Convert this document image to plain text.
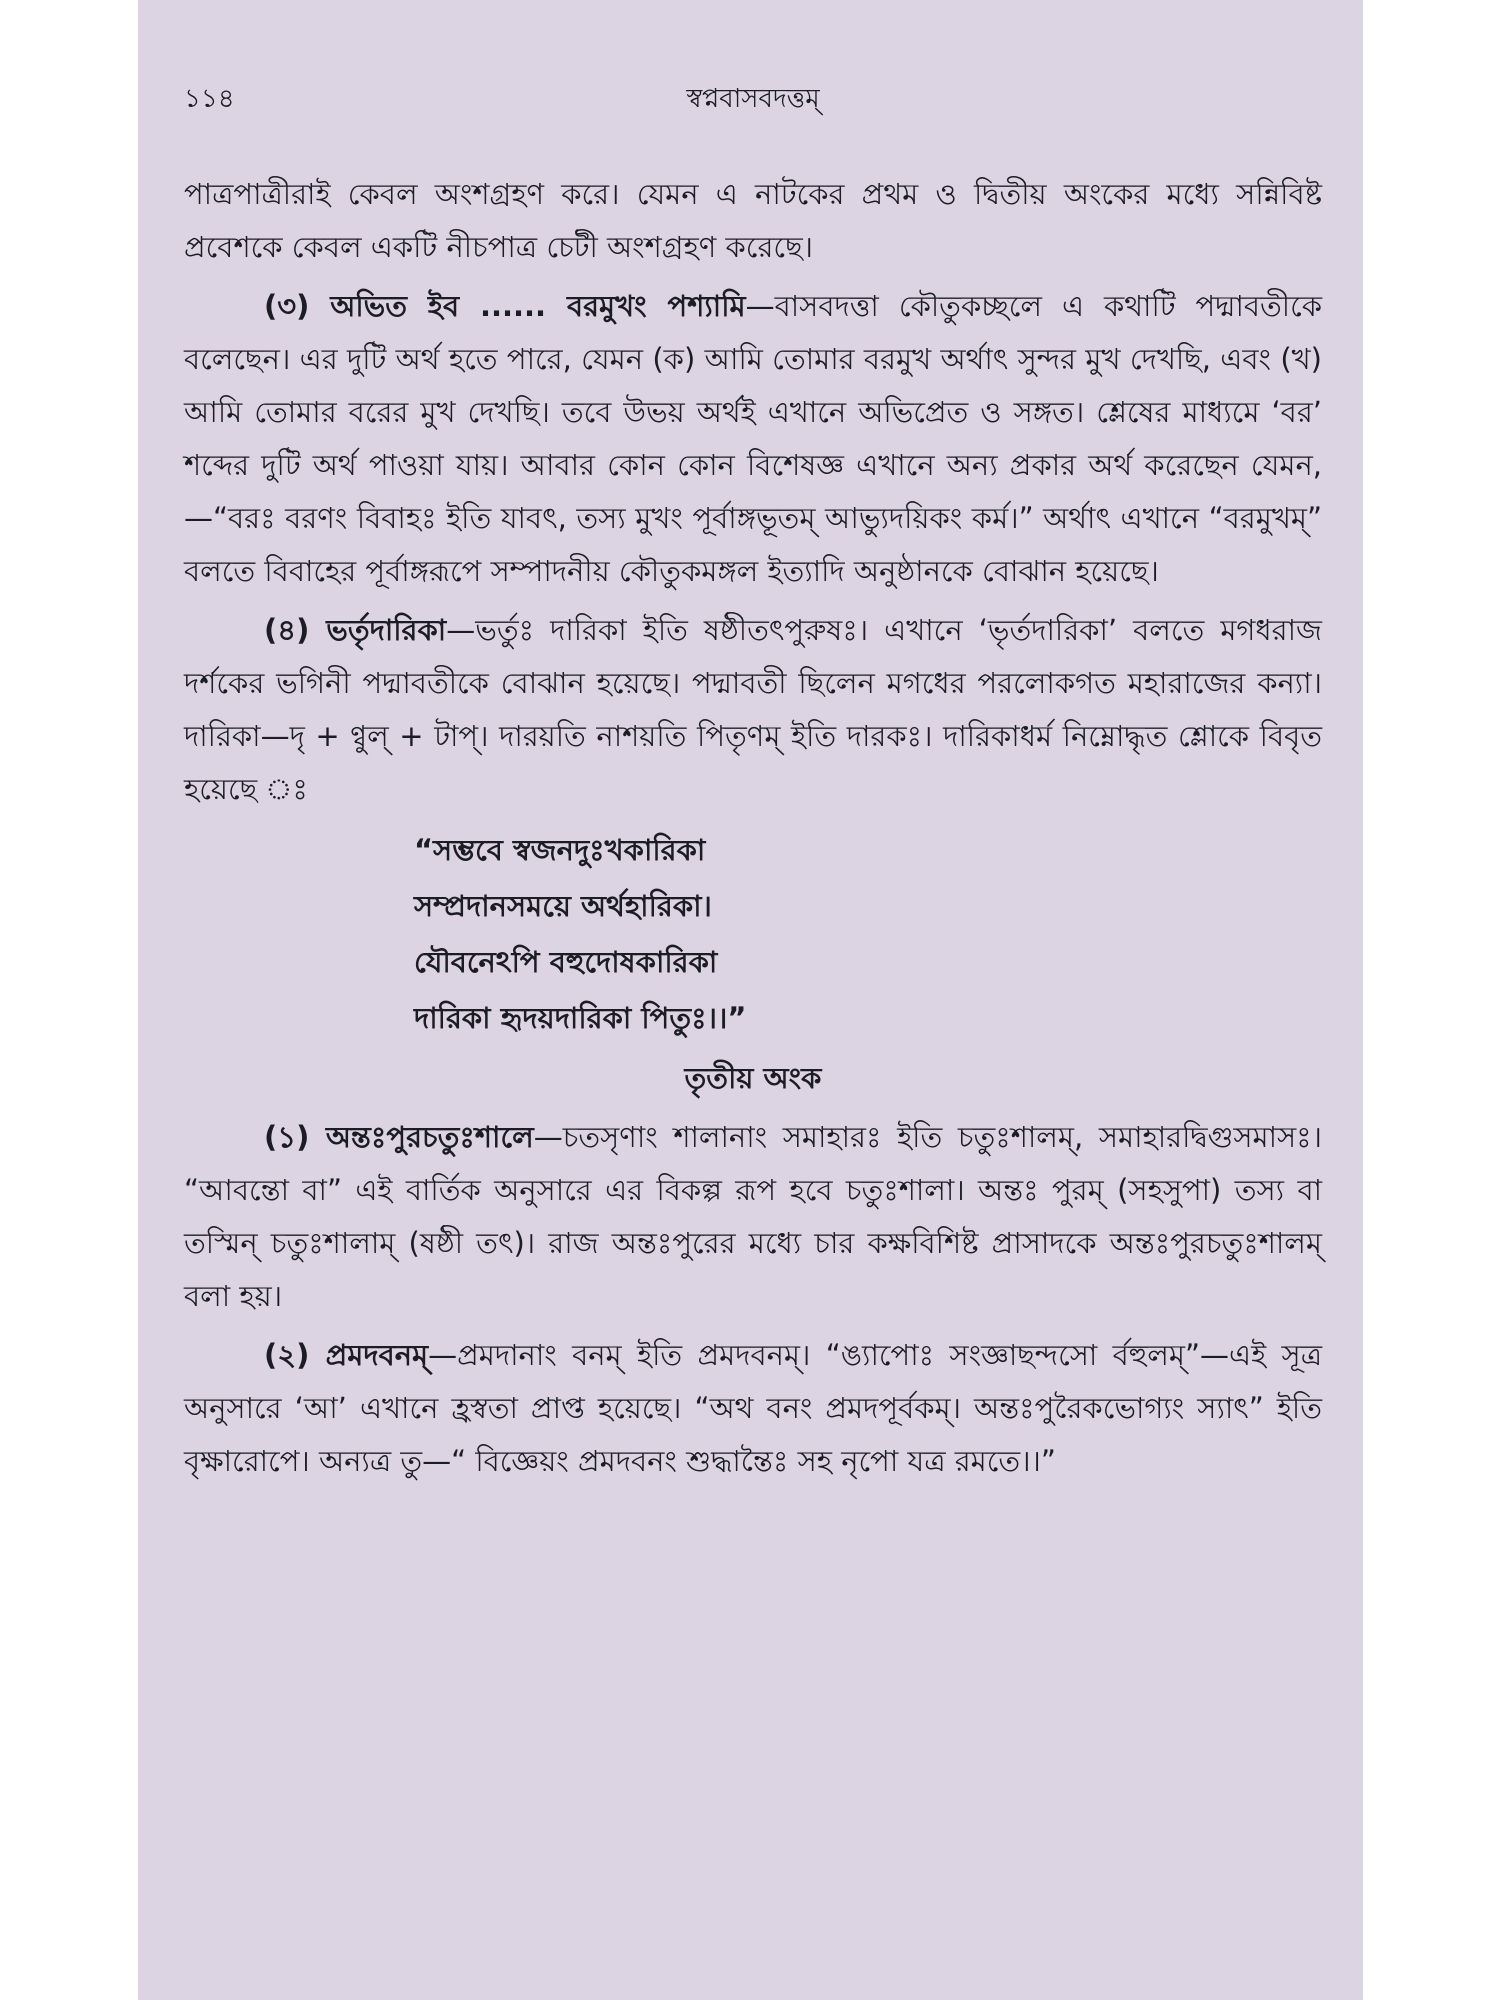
১১৪	স্বপ্নবাসবদত্তম্

পাত্রপাত্রীরাই কেবল অংশগ্রহণ করে। যেমন এ নাটকের প্রথম ও দ্বিতীয় অংকের মধ্যে সন্নিবিষ্ট প্রবেশকে কেবল একটি নীচপাত্র চেটী অংশগ্রহণ করেছে।

(৩) অভিত ইব ...... বরমুখং পশ্যামি—বাসবদত্তা কৌতুকচ্ছলে এ কথাটি পদ্মাবতীকে বলেছেন। এর দুটি অর্থ হতে পারে, যেমন (ক) আমি তোমার বরমুখ অর্থাৎ সুন্দর মুখ দেখছি, এবং (খ) আমি তোমার বরের মুখ দেখছি। তবে উভয় অর্থই এখানে অভিপ্রেত ও সঙ্গত। শ্লেষের মাধ্যমে ‘বর’ শব্দের দুটি অর্থ পাওয়া যায়। আবার কোন কোন বিশেষজ্ঞ এখানে অন্য প্রকার অর্থ করেছেন যেমন,—“বরঃ বরণং বিবাহঃ ইতি যাবৎ, তস্য মুখং পূর্বাঙ্গভূতম্ আভ্যুদয়িকং কর্ম।” অর্থাৎ এখানে “বরমুখম্” বলতে বিবাহের পূর্বাঙ্গরূপে সম্পাদনীয় কৌতুকমঙ্গল ইত্যাদি অনুষ্ঠানকে বোঝান হয়েছে।

(৪) ভর্তৃদারিকা—ভর্তুঃ দারিকা ইতি ষষ্ঠীতৎপুরুষঃ। এখানে ‘ভৃর্তদারিকা’ বলতে মগধরাজ দর্শকের ভগিনী পদ্মাবতীকে বোঝান হয়েছে। পদ্মাবতী ছিলেন মগধের পরলোকগত মহারাজের কন্যা। দারিকা—দৃ + ণ্বুল্ + টাপ্। দারয়তি নাশয়তি পিতৃণম্ ইতি দারকঃ। দারিকাধর্ম নিম্নোদ্ধৃত শ্লোকে বিবৃত হয়েছে ঃ

“সম্ভবে স্বজনদুঃখকারিকা
সম্প্রদানসময়ে অর্থহারিকা।
যৌবনেঽপি বহুদোষকারিকা
দারিকা হৃদয়দারিকা পিতুঃ।।”
তৃতীয় অংক

(১) অন্তঃপুরচতুঃশালে—চতসৃণাং শালানাং সমাহারঃ ইতি চতুঃশালম্, সমাহারদ্বিগুসমাসঃ। “আবন্তো বা” এই বার্তিক অনুসারে এর বিকল্প রূপ হবে চতুঃশালা। অন্তঃ পুরম্ (সহসুপা) তস্য বা তস্মিন্ চতুঃশালাম্ (ষষ্ঠী তৎ)। রাজ অন্তঃপুরের মধ্যে চার কক্ষবিশিষ্ট প্রাসাদকে অন্তঃপুরচতুঃশালম্ বলা হয়।

(২) প্রমদবনম্—প্রমদানাং বনম্ ইতি প্রমদবনম্। “ঙ্যাপোঃ সংজ্ঞাছন্দসো র্বহুলম্”—এই সূত্র অনুসারে ‘আ’ এখানে হ্রস্বতা প্রাপ্ত হয়েছে। “অথ বনং প্রমদপূর্বকম্। অন্তঃপুরৈকভোগ্যং স্যাৎ” ইতি বৃক্ষারোপে। অন্যত্র তু—“ বিজ্ঞেয়ং প্রমদবনং শুদ্ধান্তৈঃ সহ নৃপো যত্র রমতে।।”
